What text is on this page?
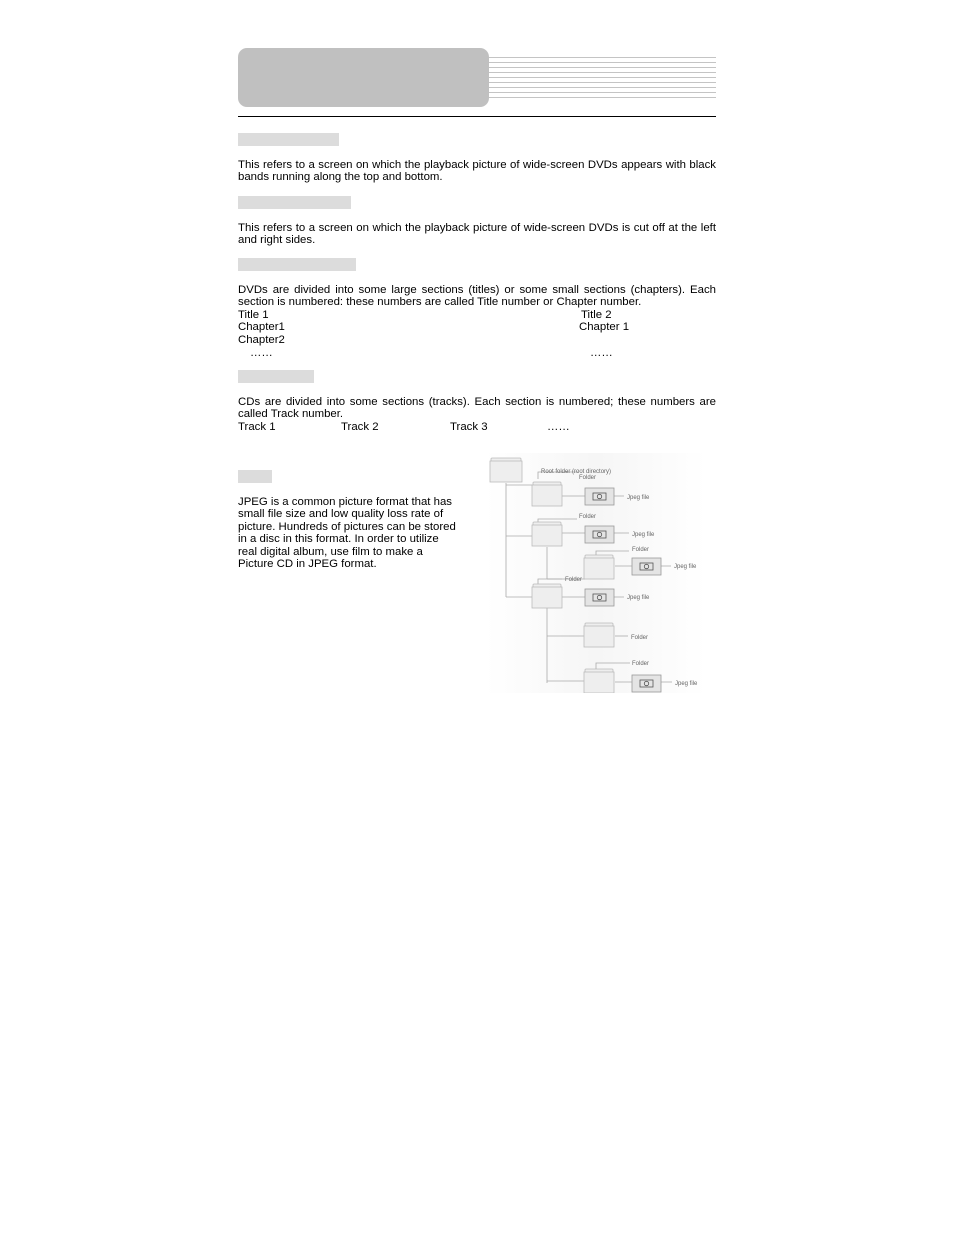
This refers to a screen on which the playback picture of wide-screen DVDs appears with black bands running along the top and bottom.

This refers to a screen on which the playback picture of wide-screen DVDs is cut off at the left and right sides.

DVDs are divided into some large sections (titles) or some small sections (chapters). Each section is numbered: these numbers are called Title number or Chapter number.

Title 1	Title 2
Chapter1	Chapter 1
Chapter2
……	……

CDs are divided into some sections (tracks). Each section is numbered; these numbers are called Track number.

Track 1	Track 2	Track 3	……

JPEG is a common picture format that has small file size and low quality loss rate of picture. Hundreds of pictures can be stored in a disc in this format. In order to utilize real digital album, use film to make a Picture CD in JPEG format.

Root folder (root directory)
Folder
Jpeg file
Folder
Jpeg file
Folder
Jpeg file
Folder
Jpeg file
Folder
Folder
Jpeg file
